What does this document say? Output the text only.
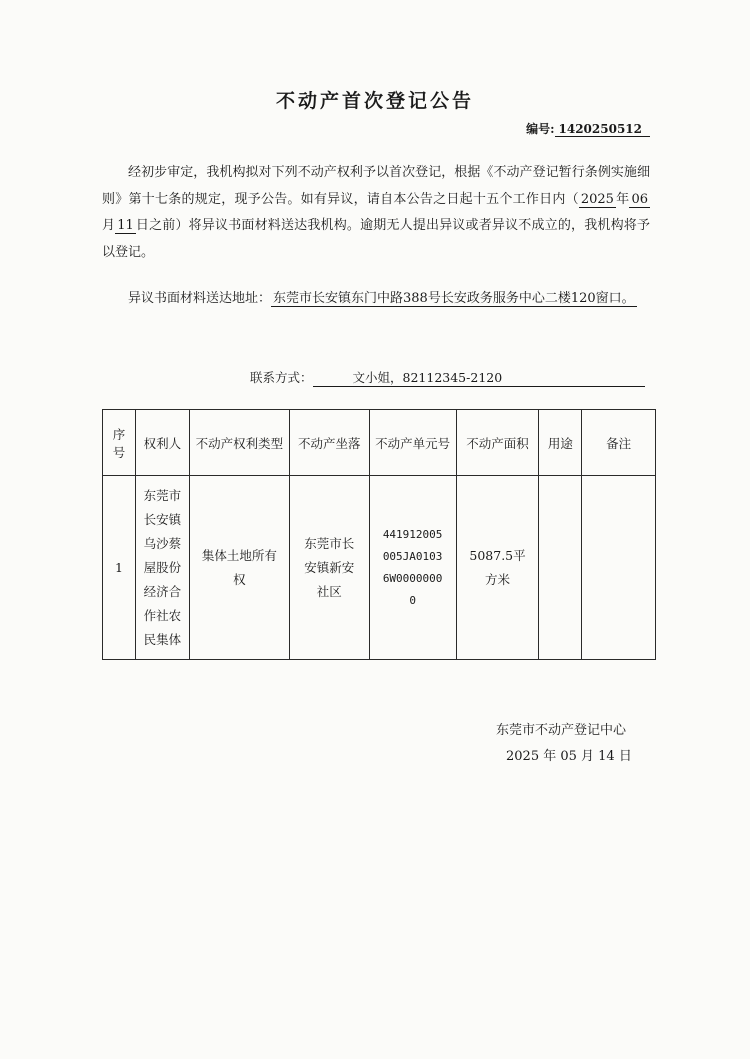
不动产首次登记公告
编号: 1420250512
经初步审定，我机构拟对下列不动产权利予以首次登记，根据《不动产登记暂行条例实施细则》第十七条的规定，现予公告。如有异议，请自本公告之日起十五个工作日内（ 2025 年 06月 11 日之前）将异议书面材料送达我机构。逾期无人提出异议或者异议不成立的，我机构将予以登记。
异议书面材料送达地址： 东莞市长安镇东门中路388号长安政务服务中心二楼120窗口。
联系方式：	文小姐，82112345-2120
序号	权利人	不动产权利类型	不动产坐落	不动产单元号	不动产面积	用途	备注
1	东莞市长安镇乌沙蔡屋股份经济合作社农民集体	集体土地所有权	东莞市长安镇新安社区	441912005005JA01036W00000000	5087.5平方米		

东莞市不动产登记中心
2025 年 05 月 14 日
